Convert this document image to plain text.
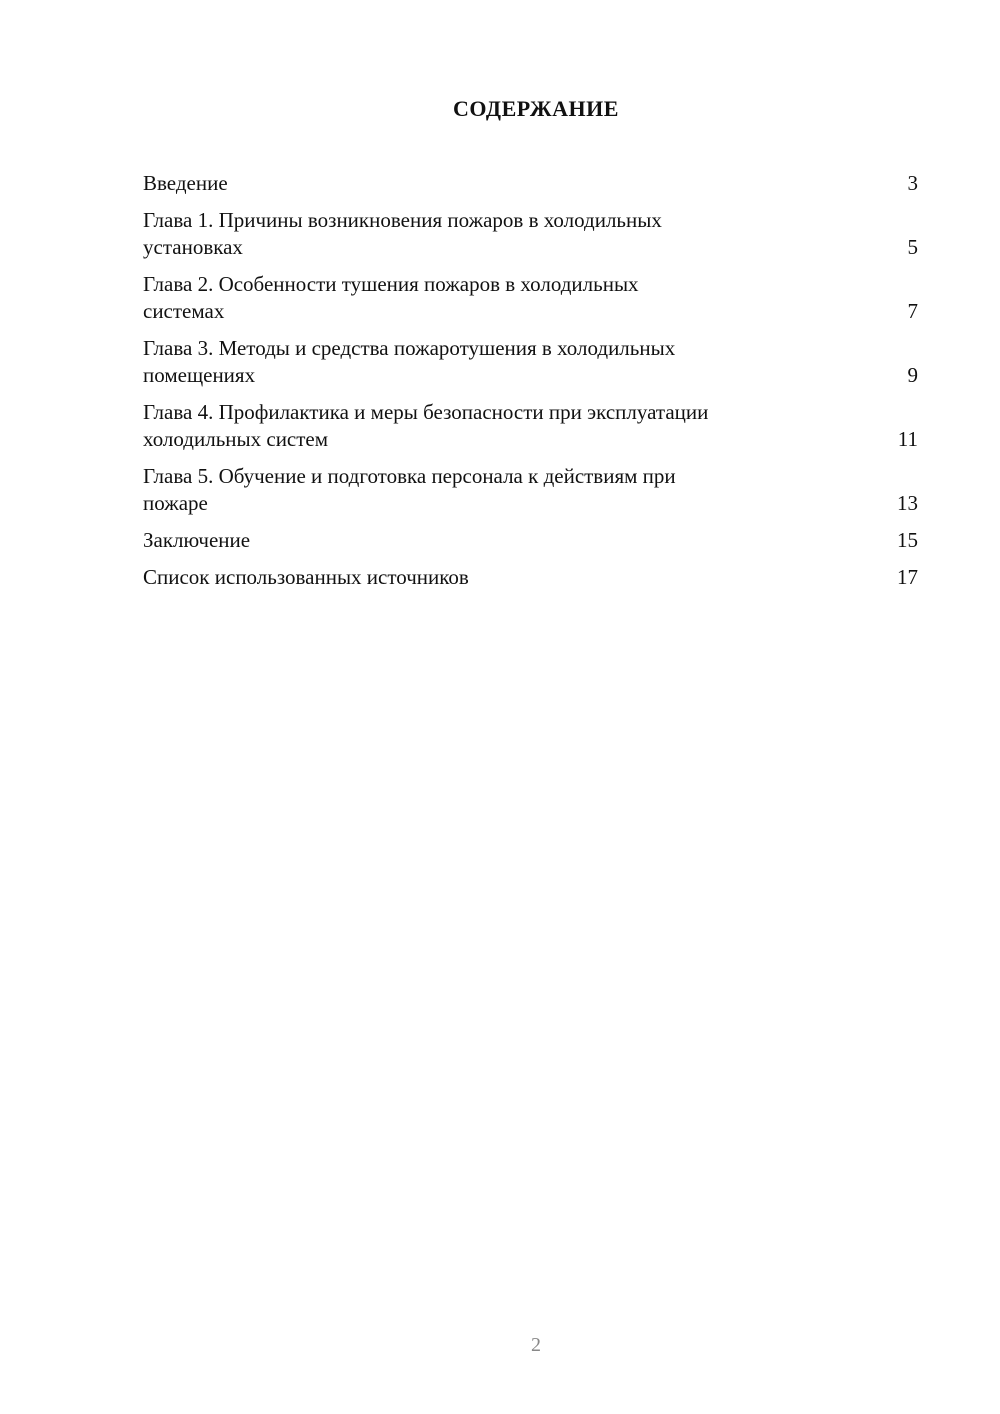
СОДЕРЖАНИЕ
Введение	3
Глава 1. Причины возникновения пожаров в холодильных
установках	5
Глава 2. Особенности тушения пожаров в холодильных
системах	7
Глава 3. Методы и средства пожаротушения в холодильных
помещениях	9
Глава 4. Профилактика и меры безопасности при эксплуатации
холодильных систем	11
Глава 5. Обучение и подготовка персонала к действиям при
пожаре	13
Заключение	15
Список использованных источников	17
2
